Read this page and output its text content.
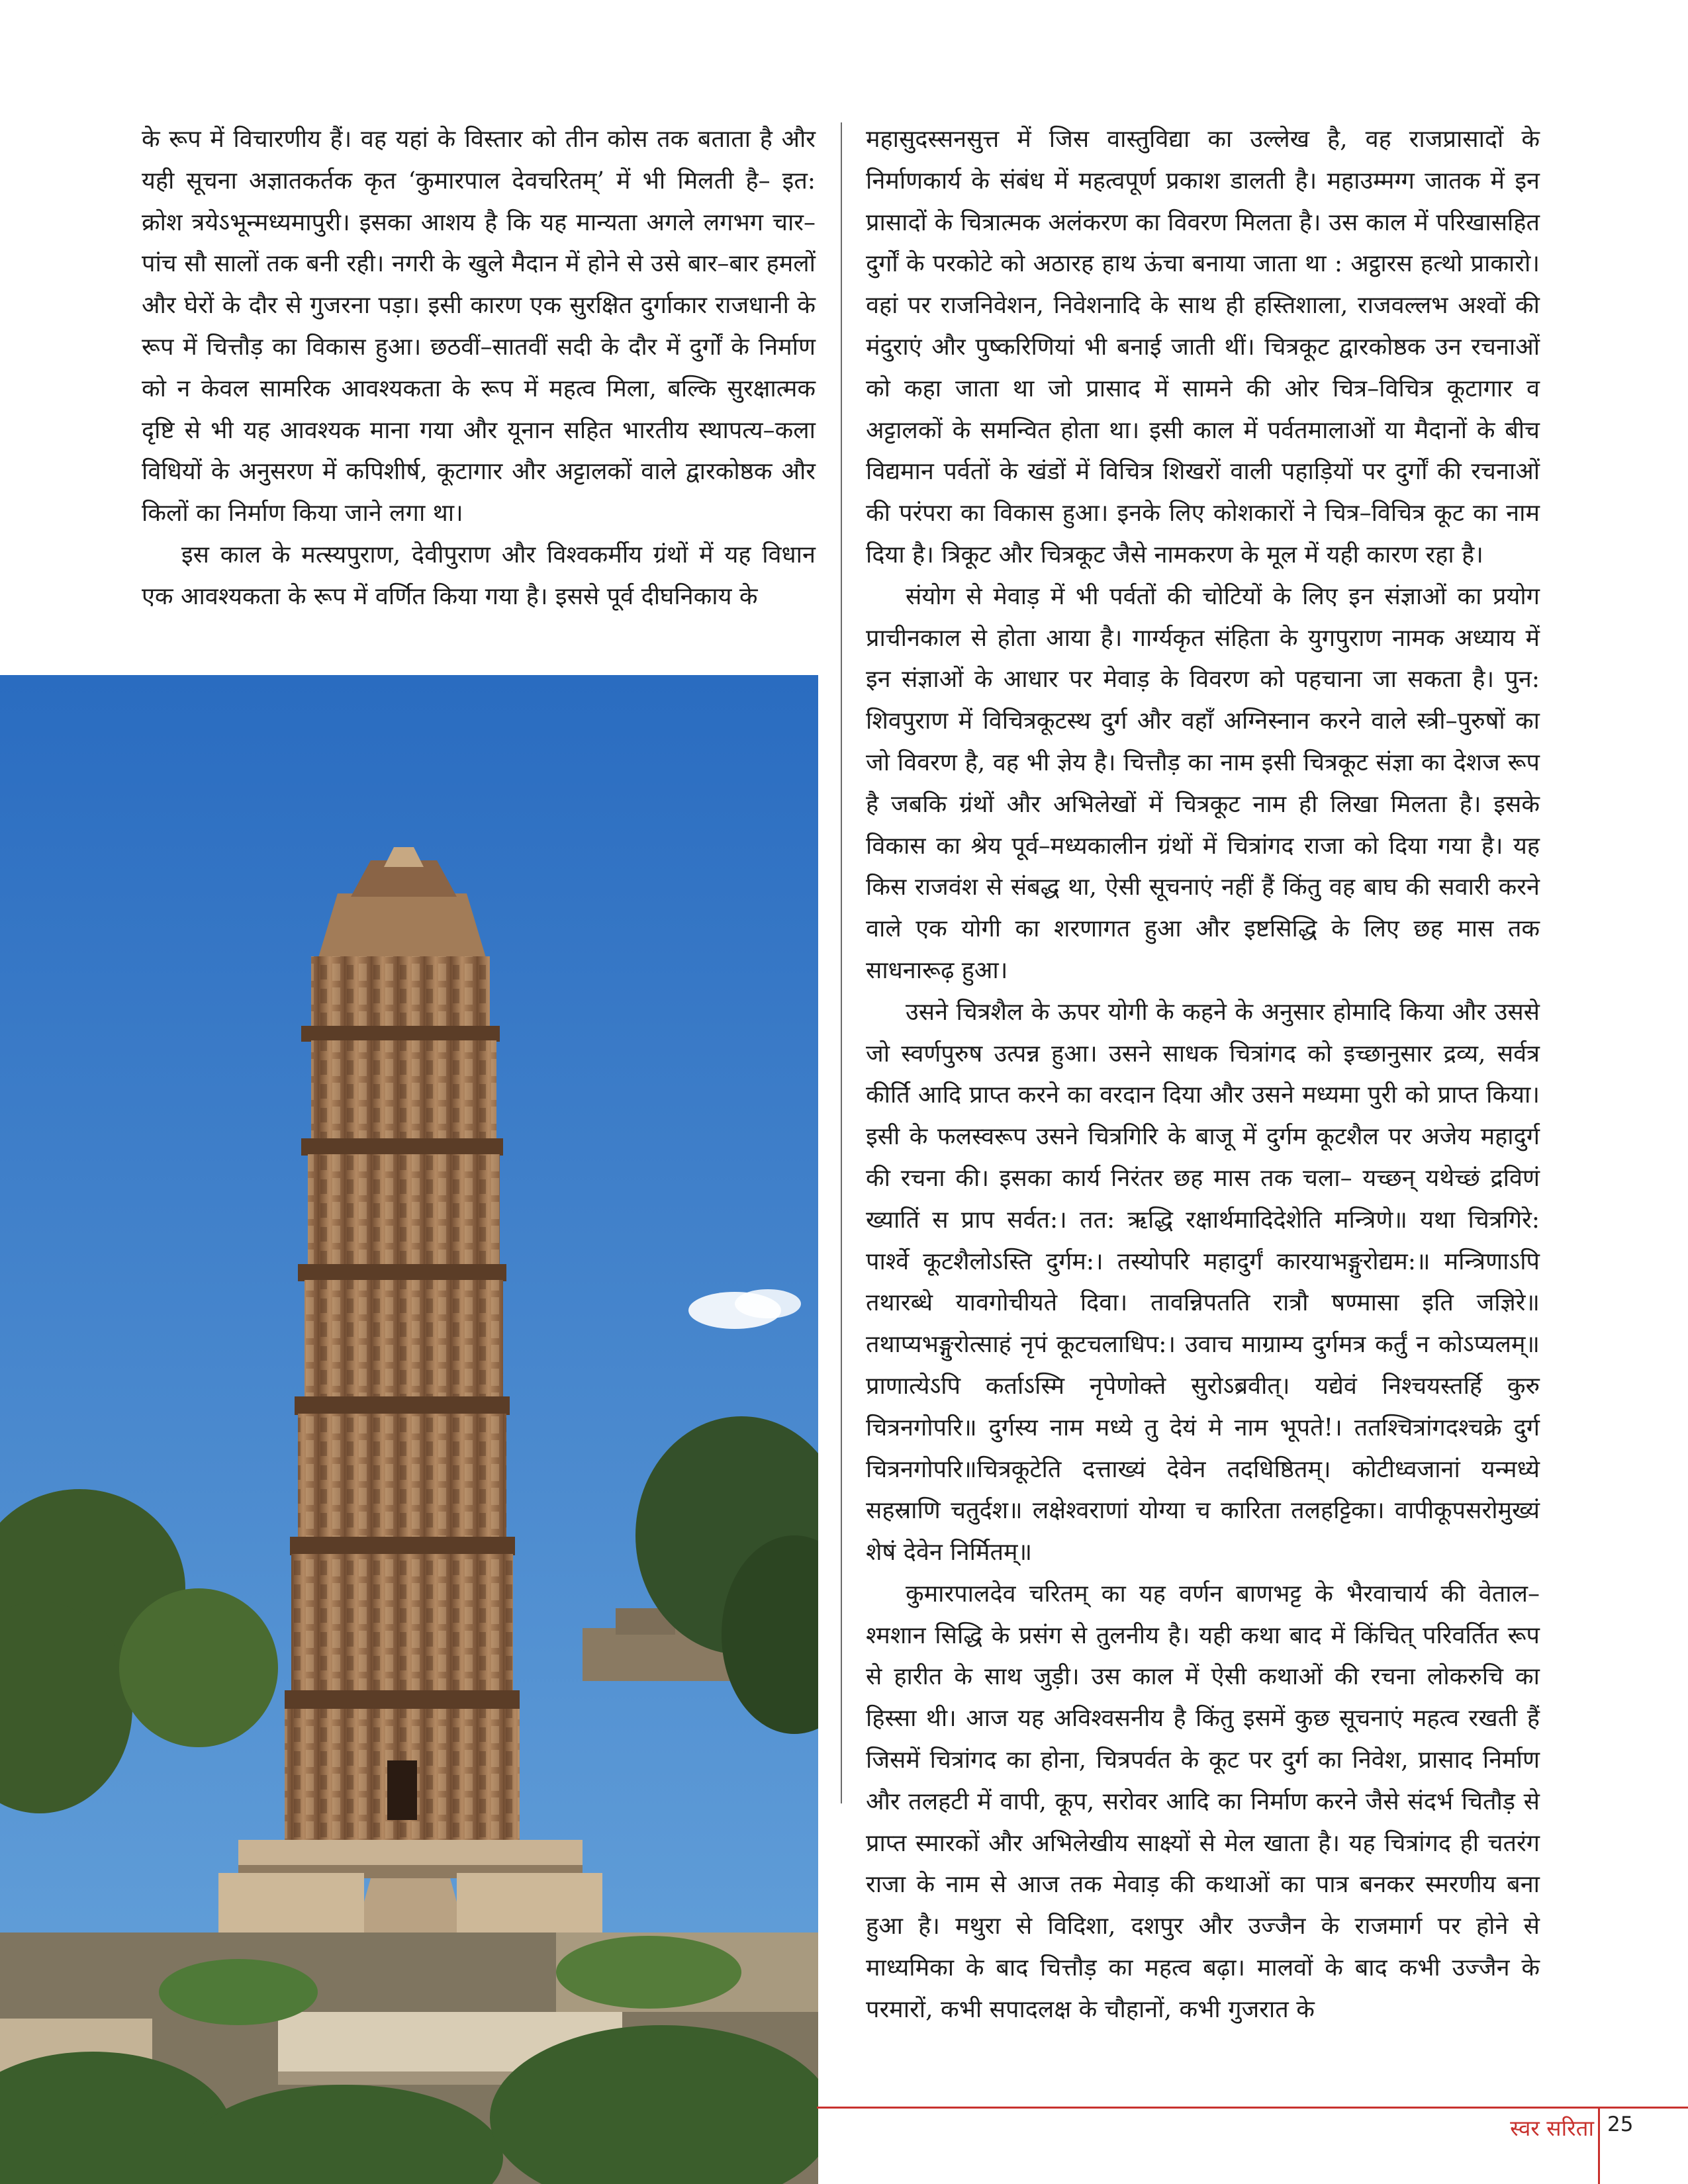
के रूप में विचारणीय हैं। वह यहां के विस्तार को तीन कोस तक बताता है और यही सूचना अज्ञातकर्तक कृत ‘कुमारपाल देवचरितम्’ में भी मिलती है– इत: क्रोश त्रयेऽभून्मध्यमापुरी। इसका आशय है कि यह मान्यता अगले लगभग चार–पांच सौ सालों तक बनी रही। नगरी के खुले मैदान में होने से उसे बार–बार हमलों और घेरों के दौर से गुजरना पड़ा। इसी कारण एक सुरक्षित दुर्गाकार राजधानी के रूप में चित्तौड़ का विकास हुआ। छठवीं–सातवीं सदी के दौर में दुर्गों के निर्माण को न केवल सामरिक आवश्यकता के रूप में महत्व मिला, बल्कि सुरक्षात्मक दृष्टि से भी यह आवश्यक माना गया और यूनान सहित भारतीय स्थापत्य–कला विधियों के अनुसरण में कपिशीर्ष, कूटागार और अट्टालकों वाले द्वारकोष्ठक और किलों का निर्माण किया जाने लगा था।

इस काल के मत्स्यपुराण, देवीपुराण और विश्वकर्मीय ग्रंथों में यह विधान एक आवश्यकता के रूप में वर्णित किया गया है। इससे पूर्व दीघनिकाय के

महासुदस्सनसुत्त में जिस वास्तुविद्या का उल्लेख है, वह राजप्रासादों के निर्माणकार्य के संबंध में महत्वपूर्ण प्रकाश डालती है। महाउम्मग्ग जातक में इन प्रासादों के चित्रात्मक अलंकरण का विवरण मिलता है। उस काल में परिखासहित दुर्गों के परकोटे को अठारह हाथ ऊंचा बनाया जाता था : अट्ठारस हत्थो प्राकारो। वहां पर राजनिवेशन, निवेशनादि के साथ ही हस्तिशाला, राजवल्लभ अश्वों की मंदुराएं और पुष्करिणियां भी बनाई जाती थीं। चित्रकूट द्वारकोष्ठक उन रचनाओं को कहा जाता था जो प्रासाद में सामने की ओर चित्र–विचित्र कूटागार व अट्टालकों के समन्वित होता था। इसी काल में पर्वतमालाओं या मैदानों के बीच विद्यमान पर्वतों के खंडों में विचित्र शिखरों वाली पहाड़ियों पर दुर्गों की रचनाओं की परंपरा का विकास हुआ। इनके लिए कोशकारों ने चित्र–विचित्र कूट का नाम दिया है। त्रिकूट और चित्रकूट जैसे नामकरण के मूल में यही कारण रहा है।

संयोग से मेवाड़ में भी पर्वतों की चोटियों के लिए इन संज्ञाओं का प्रयोग प्राचीनकाल से होता आया है। गार्ग्यकृत संहिता के युगपुराण नामक अध्याय में इन संज्ञाओं के आधार पर मेवाड़ के विवरण को पहचाना जा सकता है। पुन: शिवपुराण में विचित्रकूटस्थ दुर्ग और वहाँ अग्निस्नान करने वाले स्त्री–पुरुषों का जो विवरण है, वह भी ज्ञेय है। चित्तौड़ का नाम इसी चित्रकूट संज्ञा का देशज रूप है जबकि ग्रंथों और अभिलेखों में चित्रकूट नाम ही लिखा मिलता है। इसके विकास का श्रेय पूर्व–मध्यकालीन ग्रंथों में चित्रांगद राजा को दिया गया है। यह किस राजवंश से संबद्ध था, ऐसी सूचनाएं नहीं हैं किंतु वह बाघ की सवारी करने वाले एक योगी का शरणागत हुआ और इष्टसिद्धि के लिए छह मास तक साधनारूढ़ हुआ।

उसने चित्रशैल के ऊपर योगी के कहने के अनुसार होमादि किया और उससे जो स्वर्णपुरुष उत्पन्न हुआ। उसने साधक चित्रांगद को इच्छानुसार द्रव्य, सर्वत्र कीर्ति आदि प्राप्त करने का वरदान दिया और उसने मध्यमा पुरी को प्राप्त किया। इसी के फलस्वरूप उसने चित्रगिरि के बाजू में दुर्गम कूटशैल पर अजेय महादुर्ग की रचना की। इसका कार्य निरंतर छह मास तक चला– यच्छन् यथेच्छं द्रविणं ख्यातिं स प्राप सर्वत:। तत: ऋद्धि रक्षार्थमादिदेशेति मन्त्रिणे॥ यथा चित्रगिरे: पार्श्वे कूटशैलोऽस्ति दुर्गम:। तस्योपरि महादुर्गं कारयाभङ्गुरोद्यम:॥ मन्त्रिणाऽपि तथारब्धे यावगोचीयते दिवा। तावन्निपतति रात्रौ षण्मासा इति जज्ञिरे॥ तथाप्यभङ्गुरोत्साहं नृपं कूटचलाधिप:। उवाच माग्राम्य दुर्गमत्र कर्तुं न कोऽप्यलम्॥ प्राणात्येऽपि कर्ताऽस्मि नृपेणोक्ते सुरोऽब्रवीत्। यद्येवं निश्चयस्तर्हि कुरु चित्रनगोपरि॥ दुर्गस्य नाम मध्ये तु देयं मे नाम भूपते!। ततश्चित्रांगदश्चक्रे दुर्ग चित्रनगोपरि॥चित्रकूटेति दत्ताख्यं देवेन तदधिष्ठितम्। कोटीध्वजानां यन्मध्ये सहस्राणि चतुर्दश॥ लक्षेश्वराणां योग्या च कारिता तलहट्टिका। वापीकूपसरोमुख्यं शेषं देवेन निर्मितम्॥

कुमारपालदेव चरितम् का यह वर्णन बाणभट्ट के भैरवाचार्य की वेताल–श्मशान सिद्धि के प्रसंग से तुलनीय है। यही कथा बाद में किंचित् परिवर्तित रूप से हारीत के साथ जुड़ी। उस काल में ऐसी कथाओं की रचना लोकरुचि का हिस्सा थी। आज यह अविश्वसनीय है किंतु इसमें कुछ सूचनाएं महत्व रखती हैं जिसमें चित्रांगद का होना, चित्रपर्वत के कूट पर दुर्ग का निवेश, प्रासाद निर्माण और तलहटी में वापी, कूप, सरोवर आदि का निर्माण करने जैसे संदर्भ चितौड़ से प्राप्त स्मारकों और अभिलेखीय साक्ष्यों से मेल खाता है। यह चित्रांगद ही चतरंग राजा के नाम से आज तक मेवाड़ की कथाओं का पात्र बनकर स्मरणीय बना हुआ है। मथुरा से विदिशा, दशपुर और उज्जैन के राजमार्ग पर होने से माध्यमिका के बाद चित्तौड़ का महत्व बढ़ा। मालवों के बाद कभी उज्जैन के परमारों, कभी सपादलक्ष के चौहानों, कभी गुजरात के

स्वर सरिता 25
